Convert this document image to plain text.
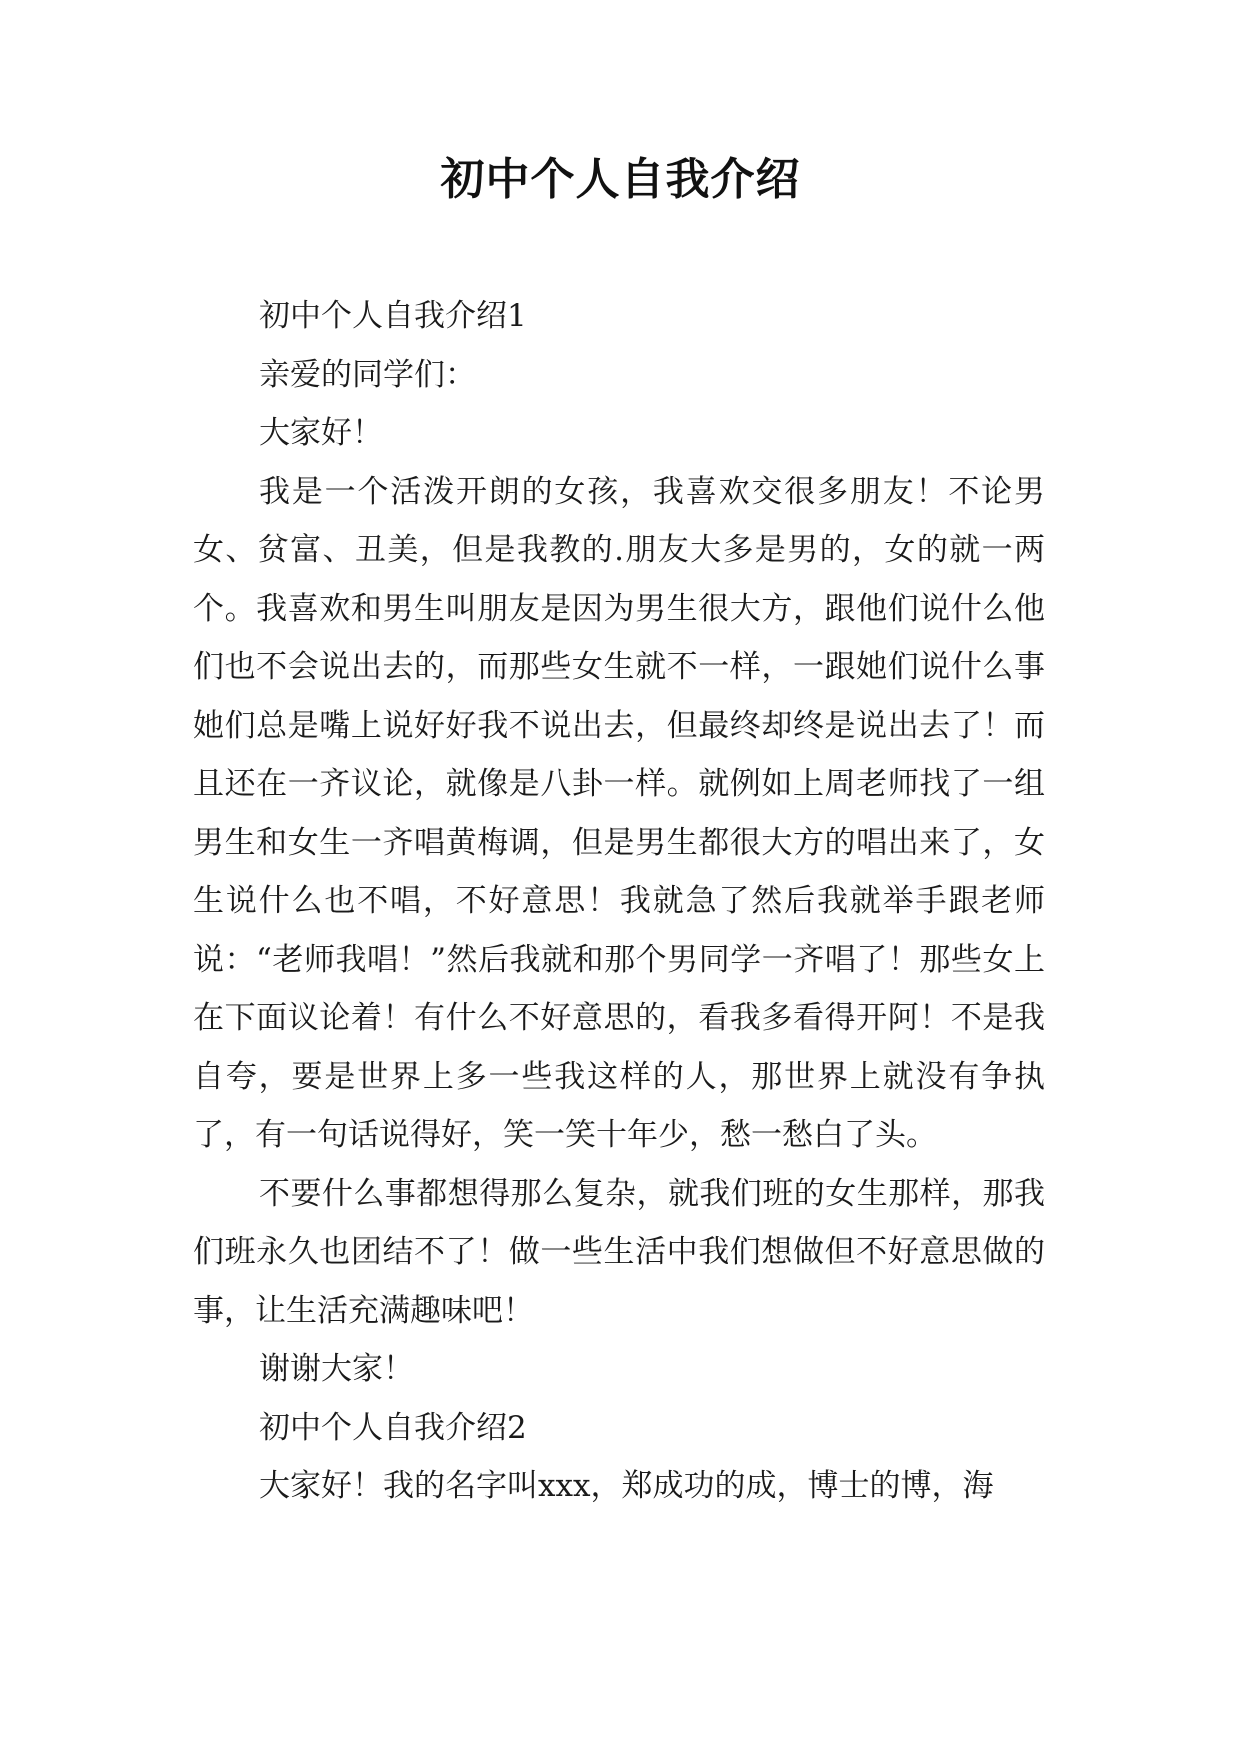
初中个人自我介绍

初中个人自我介绍1

亲爱的同学们：

大家好！

我是一个活泼开朗的女孩，我喜欢交很多朋友！不论男女、贫富、丑美，但是我教的.朋友大多是男的，女的就一两个。我喜欢和男生叫朋友是因为男生很大方，跟他们说什么他们也不会说出去的，而那些女生就不一样，一跟她们说什么事她们总是嘴上说好好我不说出去，但最终却终是说出去了！而且还在一齐议论，就像是八卦一样。就例如上周老师找了一组男生和女生一齐唱黄梅调，但是男生都很大方的唱出来了，女生说什么也不唱，不好意思！我就急了然后我就举手跟老师说：“老师我唱！”然后我就和那个男同学一齐唱了！那些女上在下面议论着！有什么不好意思的，看我多看得开阿！不是我自夸，要是世界上多一些我这样的人，那世界上就没有争执了，有一句话说得好，笑一笑十年少，愁一愁白了头。

不要什么事都想得那么复杂，就我们班的女生那样，那我们班永久也团结不了！做一些生活中我们想做但不好意思做的事，让生活充满趣味吧！

谢谢大家！

初中个人自我介绍2

大家好！我的名字叫xxx，郑成功的成，博士的博，海
